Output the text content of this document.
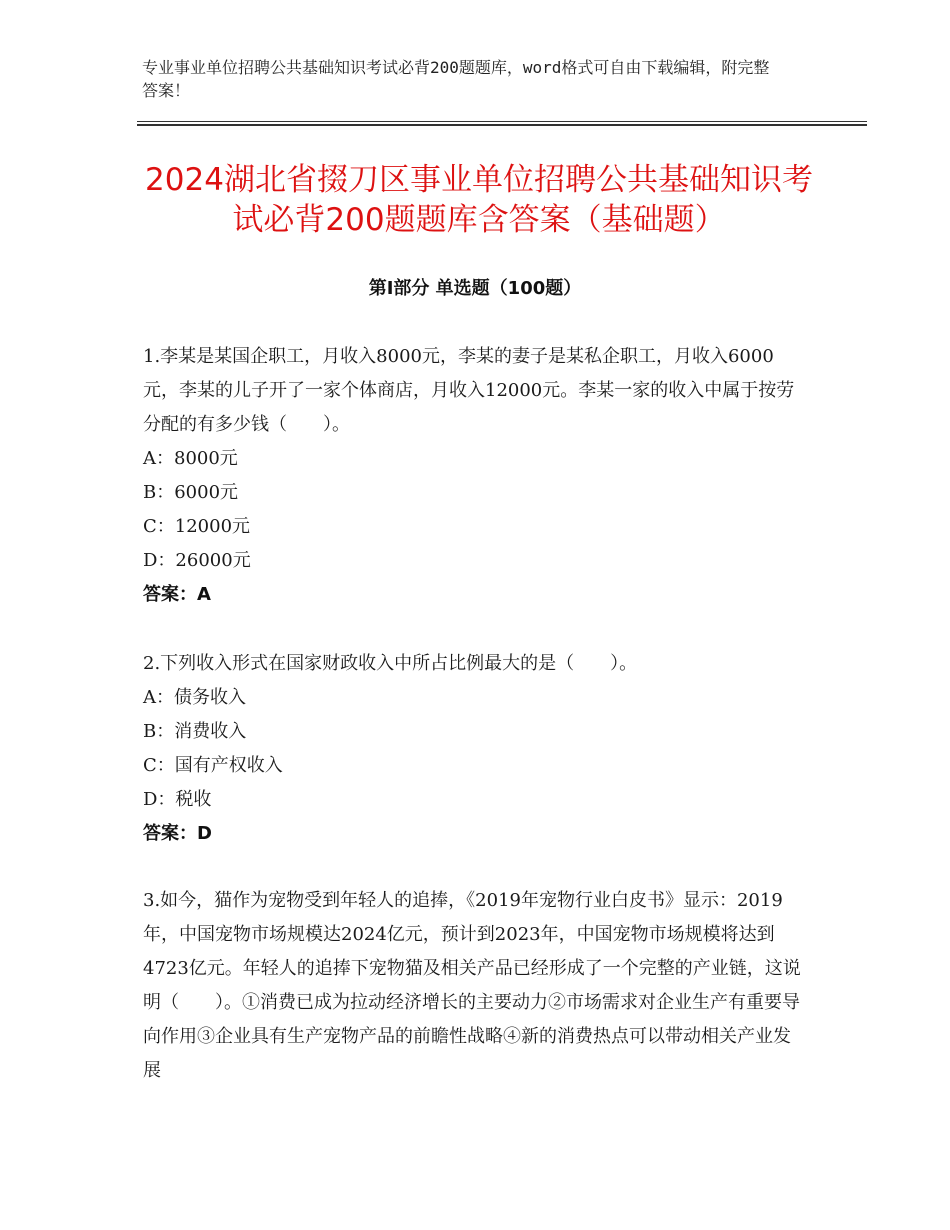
专业事业单位招聘公共基础知识考试必背200题题库，word格式可自由下载编辑，附完整答案！
2024湖北省掇刀区事业单位招聘公共基础知识考试必背200题题库含答案（基础题）
第I部分 单选题（100题）

1.李某是某国企职工，月收入8000元，李某的妻子是某私企职工，月收入6000元，李某的儿子开了一家个体商店，月收入12000元。李某一家的收入中属于按劳分配的有多少钱（　　）。

A：8000元

B：6000元

C：12000元

D：26000元

答案：A

2.下列收入形式在国家财政收入中所占比例最大的是（　　）。

A：债务收入

B：消费收入

C：国有产权收入

D：税收

答案：D

3.如今，猫作为宠物受到年轻人的追捧，《2019年宠物行业白皮书》显示：2019年，中国宠物市场规模达2024亿元，预计到2023年，中国宠物市场规模将达到4723亿元。年轻人的追捧下宠物猫及相关产品已经形成了一个完整的产业链，这说明（　　）。①消费已成为拉动经济增长的主要动力②市场需求对企业生产有重要导向作用③企业具有生产宠物产品的前瞻性战略④新的消费热点可以带动相关产业发展
